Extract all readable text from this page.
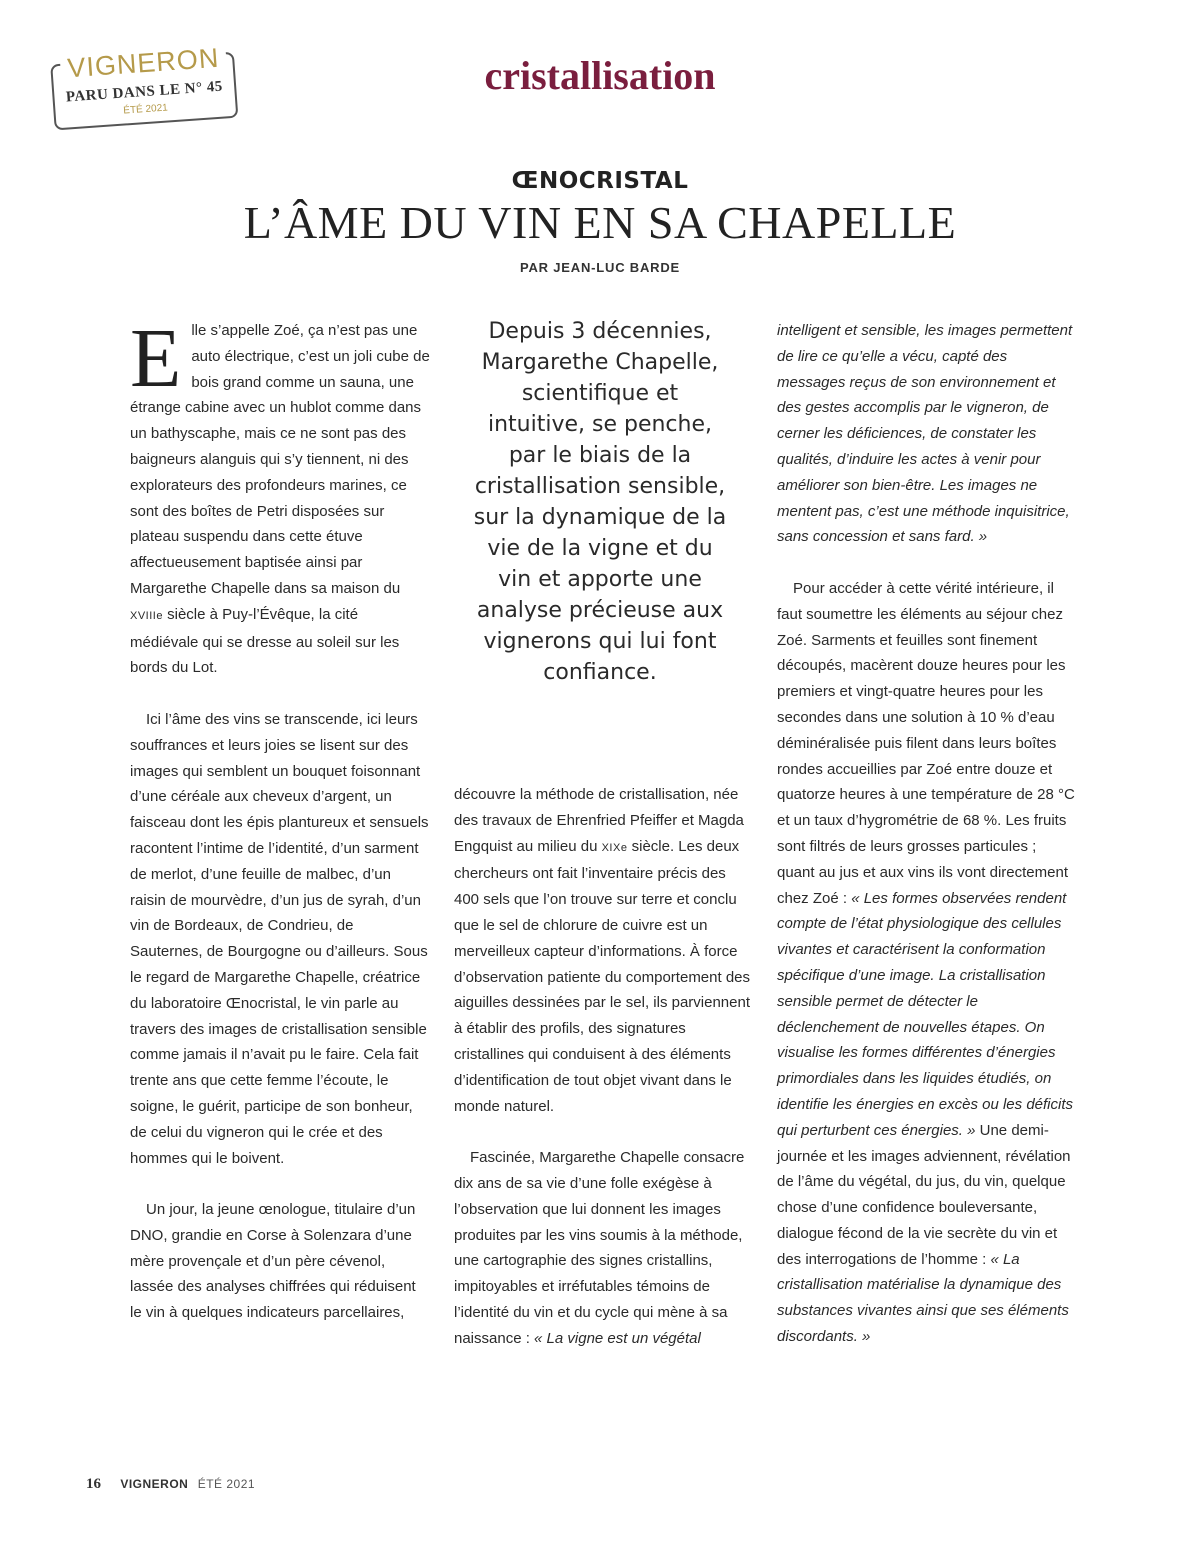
VIGNERON
PARU DANS LE N° 45
ÉTÉ 2021
cristallisation
ŒNOCRISTAL
L’ÂME DU VIN EN SA CHAPELLE
PAR JEAN-LUC BARDE

Elle s’appelle Zoé, ça n’est pas une auto électrique, c’est un joli cube de bois grand comme un sauna, une étrange cabine avec un hublot comme dans un bathyscaphe, mais ce ne sont pas des baigneurs alanguis qui s’y tiennent, ni des explorateurs des profondeurs marines, ce sont des boîtes de Petri disposées sur plateau suspendu dans cette étuve affectueusement baptisée ainsi par Margarethe Chapelle dans sa maison du XVIIIe siècle à Puy-l’Évêque, la cité médiévale qui se dresse au soleil sur les bords du Lot.

Ici l’âme des vins se transcende, ici leurs souffrances et leurs joies se lisent sur des images qui semblent un bouquet foisonnant d’une céréale aux cheveux d’argent, un faisceau dont les épis plantureux et sensuels racontent l’intime de l’identité, d’un sarment de merlot, d’une feuille de malbec, d’un raisin de mourvèdre, d’un jus de syrah, d’un vin de Bordeaux, de Condrieu, de Sauternes, de Bourgogne ou d’ailleurs. Sous le regard de Margarethe Chapelle, créatrice du laboratoire Œnocristal, le vin parle au travers des images de cristallisation sensible comme jamais il n’avait pu le faire. Cela fait trente ans que cette femme l’écoute, le soigne, le guérit, participe de son bonheur, de celui du vigneron qui le crée et des hommes qui le boivent.

Un jour, la jeune œnologue, titulaire d’un DNO, grandie en Corse à Solenzara d’une mère provençale et d’un père cévenol, lassée des analyses chiffrées qui réduisent le vin à quelques indicateurs parcellaires,

Depuis 3 décennies, Margarethe Chapelle, scientifique et intuitive, se penche, par le biais de la cristallisation sensible, sur la dynamique de la vie de la vigne et du vin et apporte une analyse précieuse aux vignerons qui lui font confiance.

découvre la méthode de cristallisation, née des travaux de Ehrenfried Pfeiffer et Magda Engquist au milieu du XIXe siècle. Les deux chercheurs ont fait l’inventaire précis des 400 sels que l’on trouve sur terre et conclu que le sel de chlorure de cuivre est un merveilleux capteur d’informations. À force d’observation patiente du comportement des aiguilles dessinées par le sel, ils parviennent à établir des profils, des signatures cristallines qui conduisent à des éléments d’identification de tout objet vivant dans le monde naturel.

Fascinée, Margarethe Chapelle consacre dix ans de sa vie d’une folle exégèse à l’observation que lui donnent les images produites par les vins soumis à la méthode, une cartographie des signes cristallins, impitoyables et irréfutables témoins de l’identité du vin et du cycle qui mène à sa naissance : « La vigne est un végétal

intelligent et sensible, les images permettent de lire ce qu’elle a vécu, capté des messages reçus de son environnement et des gestes accomplis par le vigneron, de cerner les déficiences, de constater les qualités, d’induire les actes à venir pour améliorer son bien-être. Les images ne mentent pas, c’est une méthode inquisitrice, sans concession et sans fard. »

Pour accéder à cette vérité intérieure, il faut soumettre les éléments au séjour chez Zoé. Sarments et feuilles sont finement découpés, macèrent douze heures pour les premiers et vingt-quatre heures pour les secondes dans une solution à 10 % d’eau déminéralisée puis filent dans leurs boîtes rondes accueillies par Zoé entre douze et quatorze heures à une température de 28 °C et un taux d’hygrométrie de 68 %. Les fruits sont filtrés de leurs grosses particules ; quant au jus et aux vins ils vont directement chez Zoé : « Les formes observées rendent compte de l’état physiologique des cellules vivantes et caractérisent la conformation spécifique d’une image. La cristallisation sensible permet de détecter le déclenchement de nouvelles étapes. On visualise les formes différentes d’énergies primordiales dans les liquides étudiés, on identifie les énergies en excès ou les déficits qui perturbent ces énergies. » Une demi-journée et les images adviennent, révélation de l’âme du végétal, du jus, du vin, quelque chose d’une confidence bouleversante, dialogue fécond de la vie secrète du vin et des interrogations de l’homme : « La cristallisation matérialise la dynamique des substances vivantes ainsi que ses éléments discordants. »

16 VIGNERON ÉTÉ 2021
